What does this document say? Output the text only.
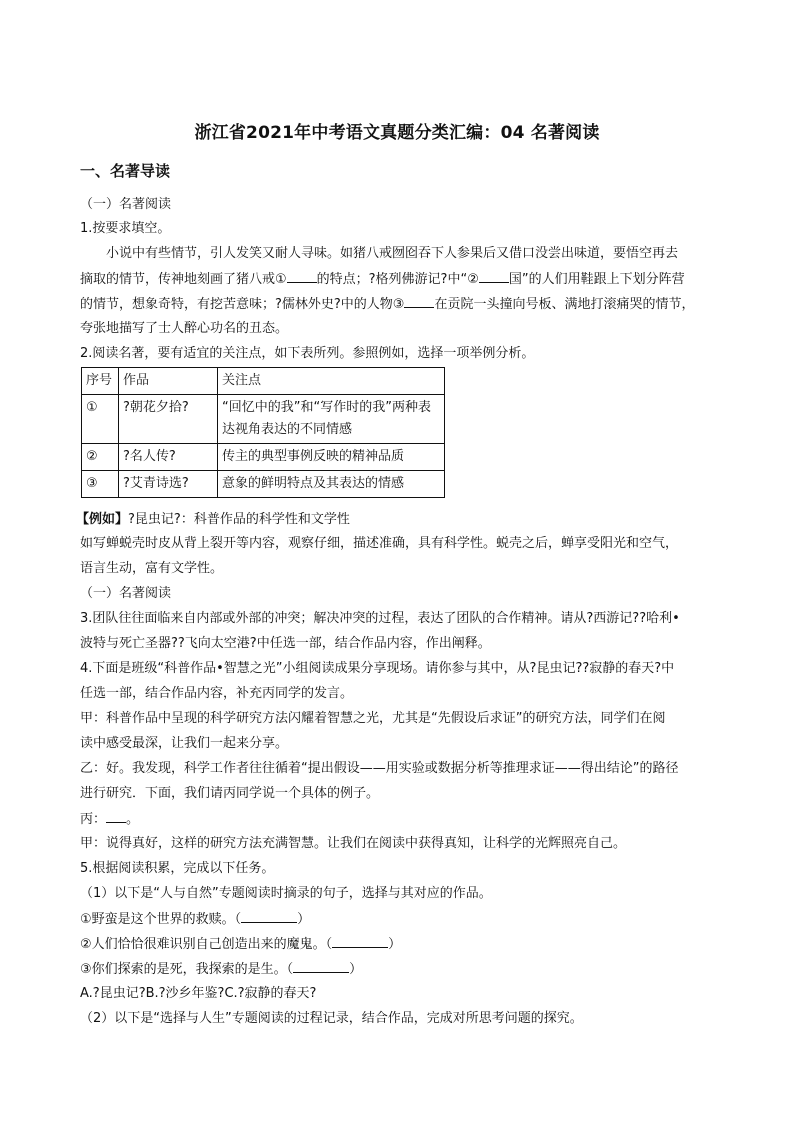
浙江省2021年中考语文真题分类汇编：04 名著阅读
一、名著导读
（一）名著阅读
1.按要求填空。
小说中有些情节，引人发笑又耐人寻味。如猪八戒囫囵吞下人参果后又借口没尝出味道，要悟空再去
摘取的情节，传神地刻画了猪八戒① 的特点；?格列佛游记?中“② 国”的人们用鞋跟上下划分阵营
的情节，想象奇特，有挖苦意味；?儒林外史?中的人物③ 在贡院一头撞向号板、满地打滚痛哭的情节，
夸张地描写了士人醉心功名的丑态。
2.阅读名著，要有适宜的关注点，如下表所列。参照例如，选择一项举例分析。
序号	作品	关注点
①	?朝花夕拾?	“回忆中的我”和“写作时的我”两种表达视角表达的不同情感
②	?名人传?	传主的典型事例反映的精神品质
③	?艾青诗选?	意象的鲜明特点及其表达的情感
【例如】?昆虫记?：科普作品的科学性和文学性
如写蝉蜕壳时皮从背上裂开等内容，观察仔细，描述准确，具有科学性。蜕壳之后，蝉享受阳光和空气，
语言生动，富有文学性。
（一）名著阅读
3.团队往往面临来自内部或外部的冲突；解决冲突的过程，表达了团队的合作精神。请从?西游记??哈利•
波特与死亡圣器??飞向太空港?中任选一部，结合作品内容，作出阐释。
4.下面是班级“科普作品•智慧之光”小组阅读成果分享现场。请你参与其中，从?昆虫记??寂静的春天?中
任选一部，结合作品内容，补充丙同学的发言。
甲：科普作品中呈现的科学研究方法闪耀着智慧之光，尤其是“先假设后求证”的研究方法，同学们在阅
读中感受最深，让我们一起来分享。
乙：好。我发现，科学工作者往往循着“提出假设——用实验或数据分析等推理求证——得出结论”的路径
进行研究．下面，我们请丙同学说一个具体的例子。
丙： 。
甲：说得真好，这样的研究方法充满智慧。让我们在阅读中获得真知，让科学的光辉照亮自己。
5.根据阅读积累，完成以下任务。
（1）以下是“人与自然”专题阅读时摘录的句子，选择与其对应的作品。
①野蛮是这个世界的救赎。（	）
②人们恰恰很难识别自己创造出来的魔鬼。（	）
③你们探索的是死，我探索的是生。（	）
A.?昆虫记?B.?沙乡年鉴?C.?寂静的春天?
（2）以下是“选择与人生”专题阅读的过程记录，结合作品，完成对所思考问题的探究。
